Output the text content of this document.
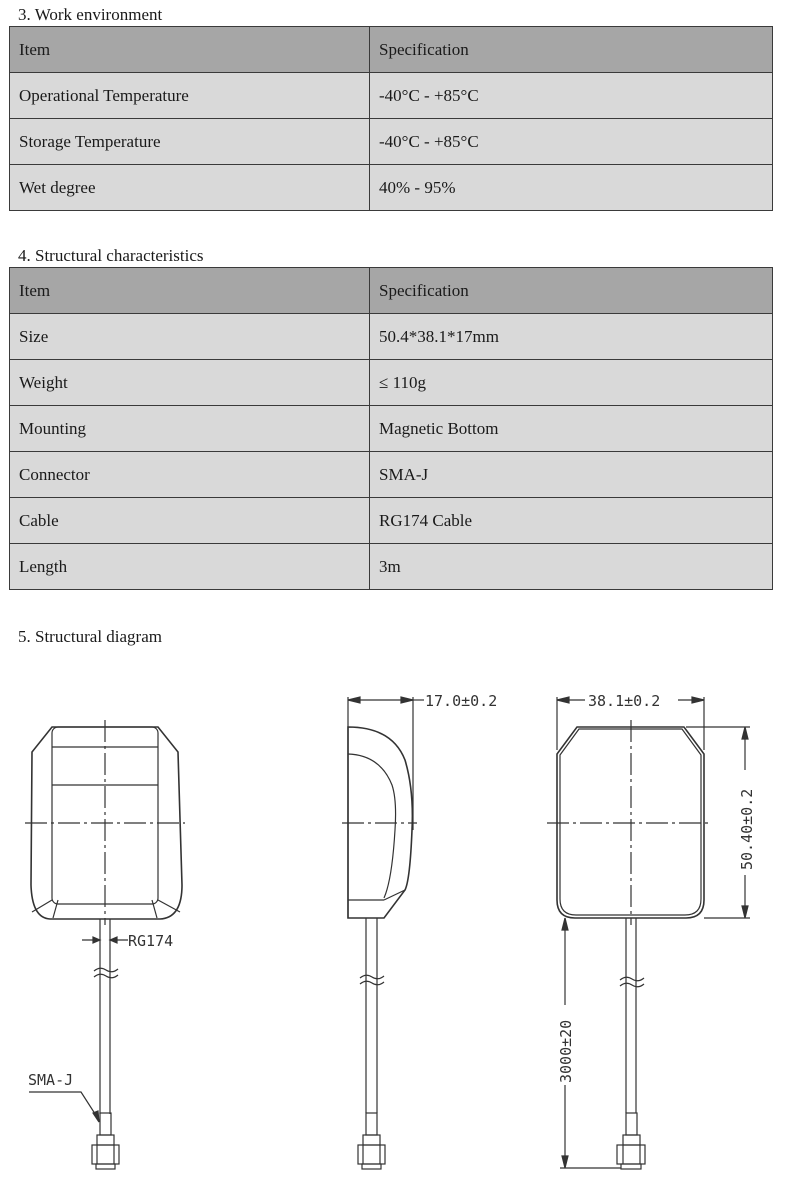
3. Work environment
Item	Specification
Operational Temperature	-40°C - +85°C
Storage Temperature	-40°C - +85°C
Wet degree	40% - 95%
4. Structural characteristics
Item	Specification
Size	50.4*38.1*17mm
Weight	≤ 110g
Mounting	Magnetic Bottom
Connector	SMA-J
Cable	RG174 Cable
Length	3m
5. Structural diagram
RG174
SMA-J
17.0±0.2	38.1±0.2
50.40±0.2
3000±20
